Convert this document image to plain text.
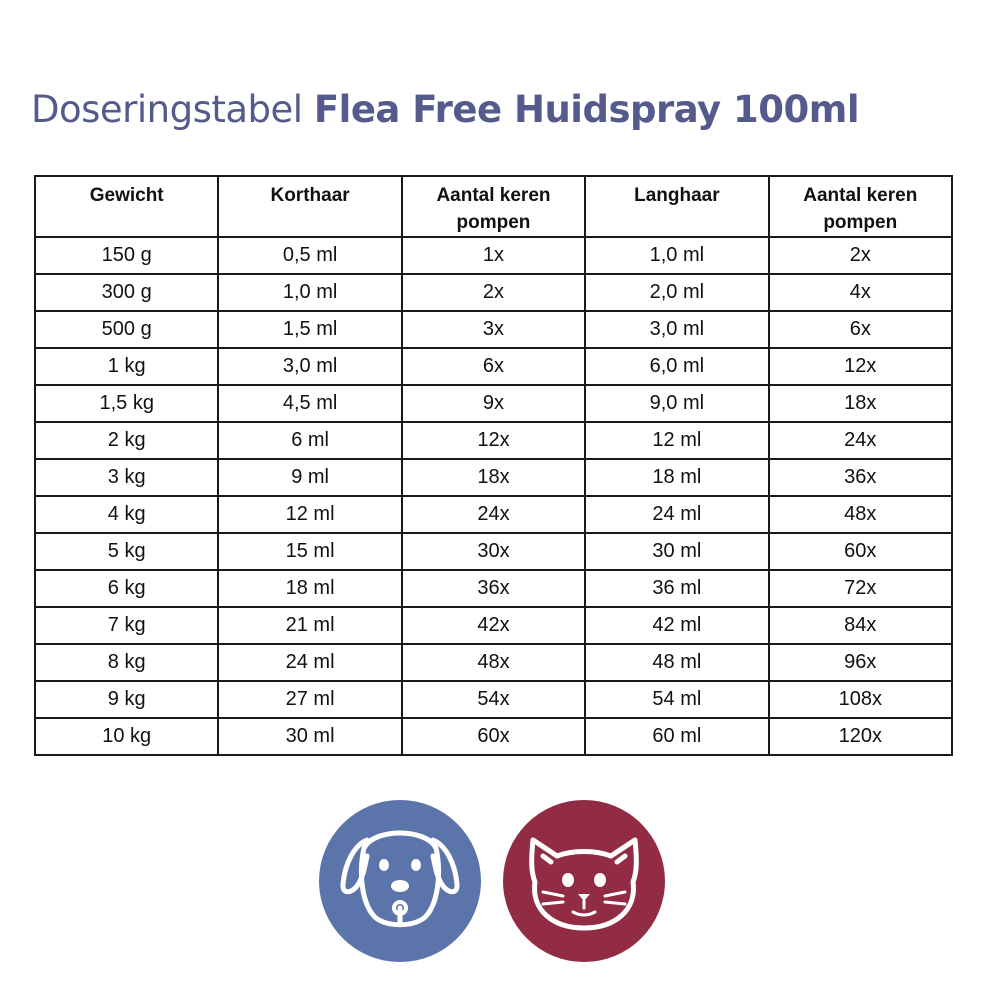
Doseringstabel Flea Free Huidspray 100ml
Gewicht	Korthaar	Aantal keren pompen	Langhaar	Aantal keren pompen
150 g	0,5 ml	1x	1,0 ml	2x
300 g	1,0 ml	2x	2,0 ml	4x
500 g	1,5 ml	3x	3,0 ml	6x
1 kg	3,0 ml	6x	6,0 ml	12x
1,5 kg	4,5 ml	9x	9,0 ml	18x
2 kg	6 ml	12x	12 ml	24x
3 kg	9 ml	18x	18 ml	36x
4 kg	12 ml	24x	24 ml	48x
5 kg	15 ml	30x	30 ml	60x
6 kg	18 ml	36x	36 ml	72x
7 kg	21 ml	42x	42 ml	84x
8 kg	24 ml	48x	48 ml	96x
9 kg	27 ml	54x	54 ml	108x
10 kg	30 ml	60x	60 ml	120x
